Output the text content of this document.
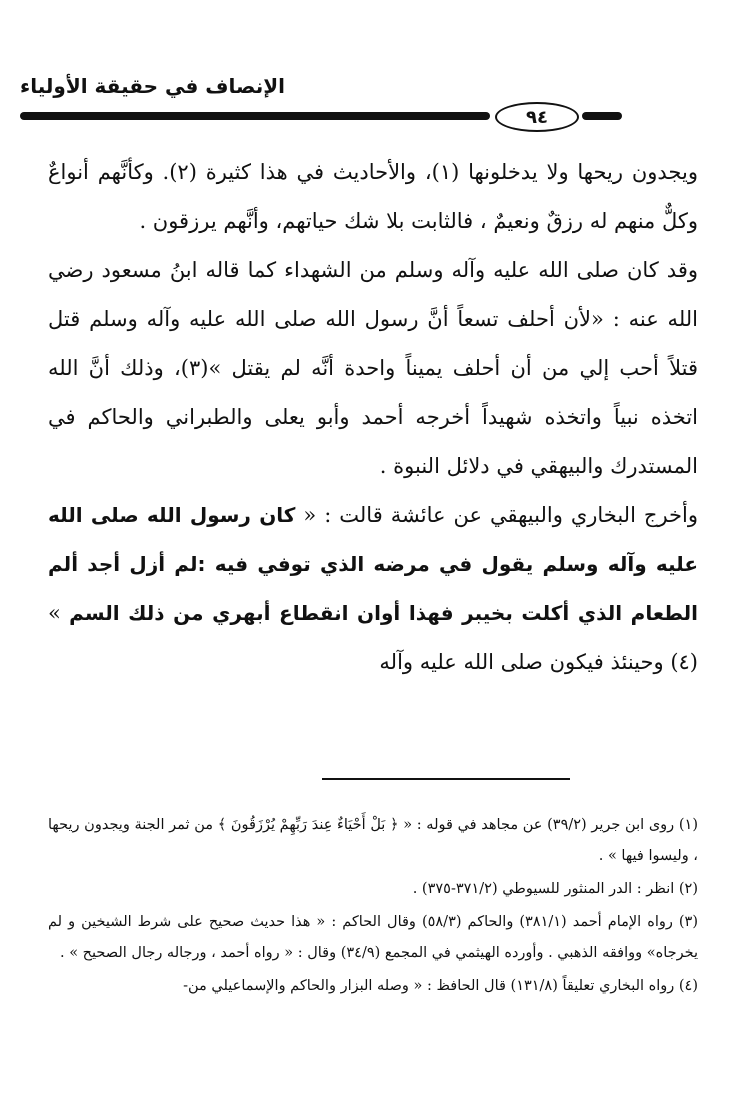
الإنصاف في حقيقة الأولياء
٩٤

ويجدون ريحها ولا يدخلونها (١)، والأحاديث في هذا كثيرة (٢). وكأنَّهم أنواعٌ وكلٌّ منهم له رزقٌ ونعيمٌ ، فالثابت بلا شك حياتهم، وأنَّهم يرزقون .

وقد كان صلى الله عليه وآله وسلم من الشهداء كما قاله ابنُ مسعود رضي الله عنه : «لأن أحلف تسعاً أنَّ رسول الله صلى الله عليه وآله وسلم قتل قتلاً أحب إلي من أن أحلف يميناً واحدة أنَّه لم يقتل »(٣)، وذلك أنَّ الله اتخذه نبياً واتخذه شهيداً أخرجه أحمد وأبو يعلى والطبراني والحاكم في المستدرك والبيهقي في دلائل النبوة .

وأخرج البخاري والبيهقي عن عائشة قالت : « كان رسول الله صلى الله عليه وآله وسلم يقول في مرضه الذي توفي فيه :لم أزل أجد ألم الطعام الذي أكلت بخيبر فهذا أوان انقطاع أبهري من ذلك السم » (٤) وحينئذ فيكون صلى الله عليه وآله

(١) روى ابن جرير (٣٩/٢) عن مجاهد في قوله : « ﴿ بَلْ أَحْيَاءٌ عِندَ رَبِّهِمْ يُرْزَقُونَ ﴾ من ثمر الجنة ويجدون ريحها ، وليسوا فيها » .

(٢) انظر : الدر المنثور للسيوطي (٣٧١/٢-٣٧٥) .

(٣) رواه الإمام أحمد (٣٨١/١) والحاكم (٥٨/٣) وقال الحاكم : « هذا حديث صحيح على شرط الشيخين و لم يخرجاه» ووافقه الذهبي . وأورده الهيثمي في المجمع (٣٤/٩) وقال : « رواه أحمد ، ورجاله رجال الصحيح » .

(٤) رواه البخاري تعليقاً (١٣١/٨) قال الحافظ : « وصله البزار والحاكم والإسماعيلي من-
